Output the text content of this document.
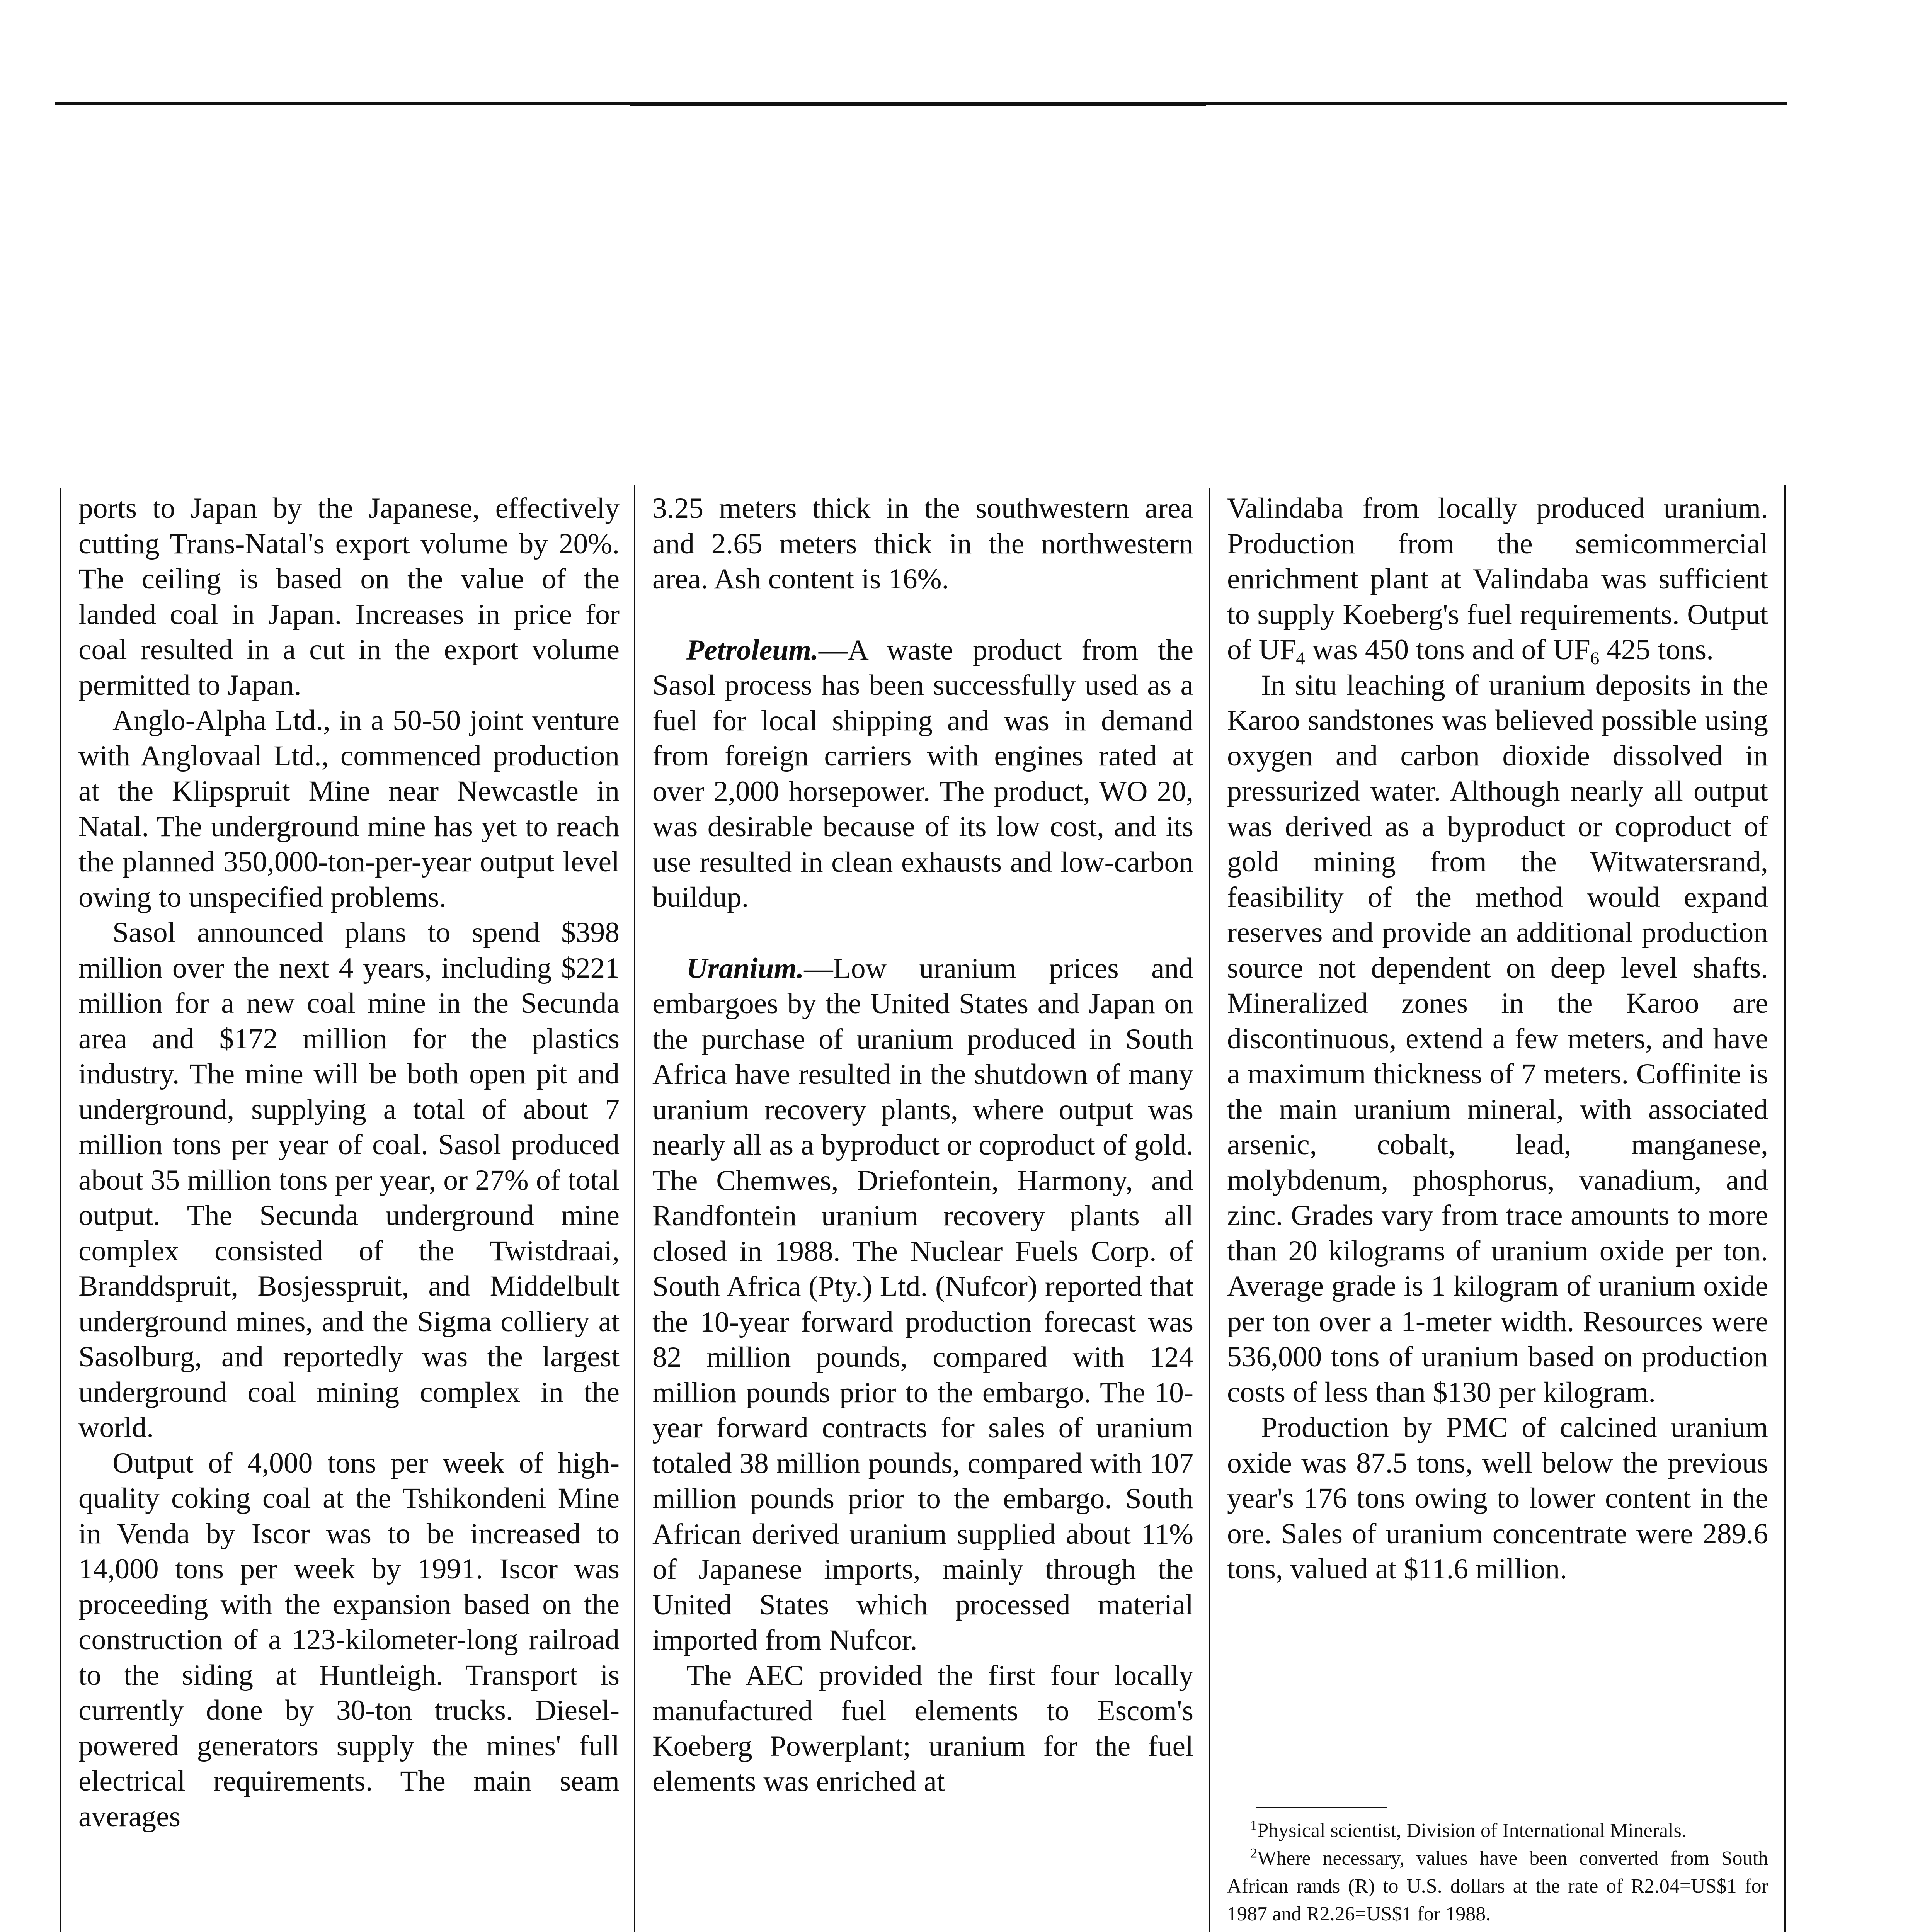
ports to Japan by the Japanese, effectively cutting Trans-Natal's export volume by 20%. The ceiling is based on the value of the landed coal in Japan. Increases in price for coal resulted in a cut in the export volume permitted to Japan.

Anglo-Alpha Ltd., in a 50-50 joint venture with Anglovaal Ltd., commenced production at the Klipspruit Mine near Newcastle in Natal. The underground mine has yet to reach the planned 350,000-ton-per-year output level owing to unspecified problems.

Sasol announced plans to spend $398 million over the next 4 years, including $221 million for a new coal mine in the Secunda area and $172 million for the plastics industry. The mine will be both open pit and underground, supplying a total of about 7 million tons per year of coal. Sasol produced about 35 million tons per year, or 27% of total output. The Secunda underground mine complex consisted of the Twistdraai, Branddspruit, Bosjesspruit, and Middelbult underground mines, and the Sigma colliery at Sasolburg, and reportedly was the largest underground coal mining complex in the world.

Output of 4,000 tons per week of high-quality coking coal at the Tshikondeni Mine in Venda by Iscor was to be increased to 14,000 tons per week by 1991. Iscor was proceeding with the expansion based on the construction of a 123-kilometer-long railroad to the siding at Huntleigh. Transport is currently done by 30-ton trucks. Diesel-powered generators supply the mines' full electrical requirements. The main seam averages

3.25 meters thick in the southwestern area and 2.65 meters thick in the northwestern area. Ash content is 16%.

Petroleum.—A waste product from the Sasol process has been successfully used as a fuel for local shipping and was in demand from foreign carriers with engines rated at over 2,000 horsepower. The product, WO 20, was desirable because of its low cost, and its use resulted in clean exhausts and low-carbon buildup.

Uranium.—Low uranium prices and embargoes by the United States and Japan on the purchase of uranium produced in South Africa have resulted in the shutdown of many uranium recovery plants, where output was nearly all as a byproduct or coproduct of gold. The Chemwes, Driefontein, Harmony, and Randfontein uranium recovery plants all closed in 1988. The Nuclear Fuels Corp. of South Africa (Pty.) Ltd. (Nufcor) reported that the 10-year forward production forecast was 82 million pounds, compared with 124 million pounds prior to the embargo. The 10-year forward contracts for sales of uranium totaled 38 million pounds, compared with 107 million pounds prior to the embargo. South African derived uranium supplied about 11% of Japanese imports, mainly through the United States which processed material imported from Nufcor.

The AEC provided the first four locally manufactured fuel elements to Escom's Koeberg Powerplant; uranium for the fuel elements was enriched at

Valindaba from locally produced uranium. Production from the semicommercial enrichment plant at Valindaba was sufficient to supply Koeberg's fuel requirements. Output of $UF_4$ was 450 tons and of $UF_6$ 425 tons.

In situ leaching of uranium deposits in the Karoo sandstones was believed possible using oxygen and carbon dioxide dissolved in pressurized water. Although nearly all output was derived as a byproduct or coproduct of gold mining from the Witwatersrand, feasibility of the method would expand reserves and provide an additional production source not dependent on deep level shafts. Mineralized zones in the Karoo are discontinuous, extend a few meters, and have a maximum thickness of 7 meters. Coffinite is the main uranium mineral, with associated arsenic, cobalt, lead, manganese, molybdenum, phosphorus, vanadium, and zinc. Grades vary from trace amounts to more than 20 kilograms of uranium oxide per ton. Average grade is 1 kilogram of uranium oxide per ton over a 1-meter width. Resources were 536,000 tons of uranium based on production costs of less than $130 per kilogram.

Production by PMC of calcined uranium oxide was 87.5 tons, well below the previous year's 176 tons owing to lower content in the ore. Sales of uranium concentrate were 289.6 tons, valued at $11.6 million.

$^1$Physical scientist, Division of International Minerals.

$^2$Where necessary, values have been converted from South African rands (R) to U.S. dollars at the rate of R2.04=US$1 for 1987 and R2.26=US$1 for 1988.
